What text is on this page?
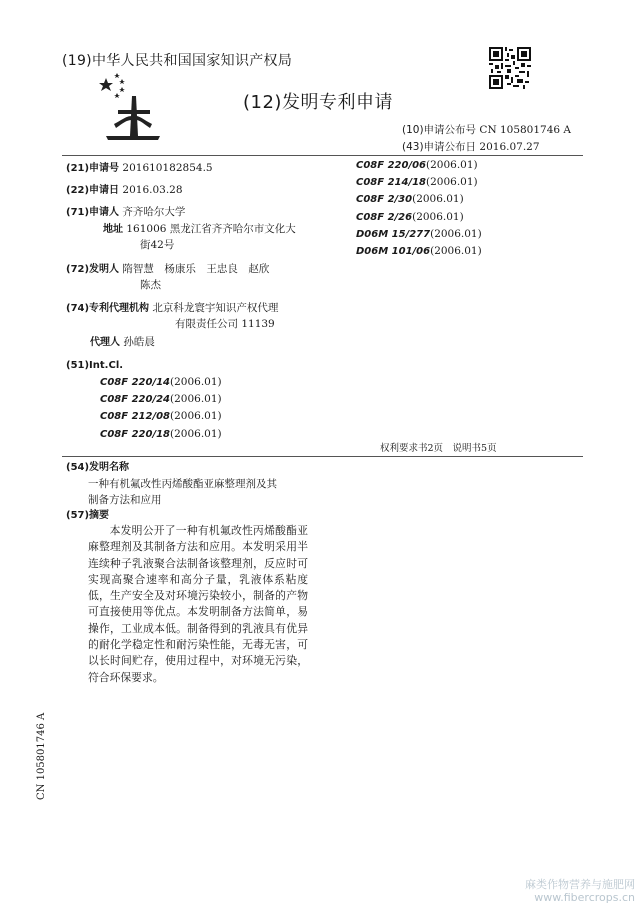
(19)中华人民共和国国家知识产权局
(12)发明专利申请
(10)申请公布号 CN 105801746 A
(43)申请公布日 2016.07.27
(21)申请号 201610182854.5
(22)申请日 2016.03.28
(71)申请人 齐齐哈尔大学
地址 161006 黑龙江省齐齐哈尔市文化大
街42号
(72)发明人 隋智慧　杨康乐　王忠良　赵欣
陈杰
(74)专利代理机构 北京科龙寰宇知识产权代理
有限责任公司 11139
代理人 孙皓晨
(51)Int.Cl.
C08F 220/14(2006.01)
C08F 220/24(2006.01)
C08F 212/08(2006.01)
C08F 220/18(2006.01)
C08F 220/06(2006.01)
C08F 214/18(2006.01)
C08F 2/30(2006.01)
C08F 2/26(2006.01)
D06M 15/277(2006.01)
D06M 101/06(2006.01)
权利要求书2页　说明书5页
(54)发明名称
一种有机氟改性丙烯酸酯亚麻整理剂及其
制备方法和应用
(57)摘要

本发明公开了一种有机氟改性丙烯酸酯亚麻整理剂及其制备方法和应用。本发明采用半连续种子乳液聚合法制备该整理剂，反应时可实现高聚合速率和高分子量，乳液体系粘度低，生产安全及对环境污染较小，制备的产物可直接使用等优点。本发明制备方法简单，易操作，工业成本低。制备得到的乳液具有优异的耐化学稳定性和耐污染性能，无毒无害，可以长时间贮存，使用过程中，对环境无污染，符合环保要求。

CN 105801746 A
麻类作物营养与施肥网
www.fibercrops.cn
